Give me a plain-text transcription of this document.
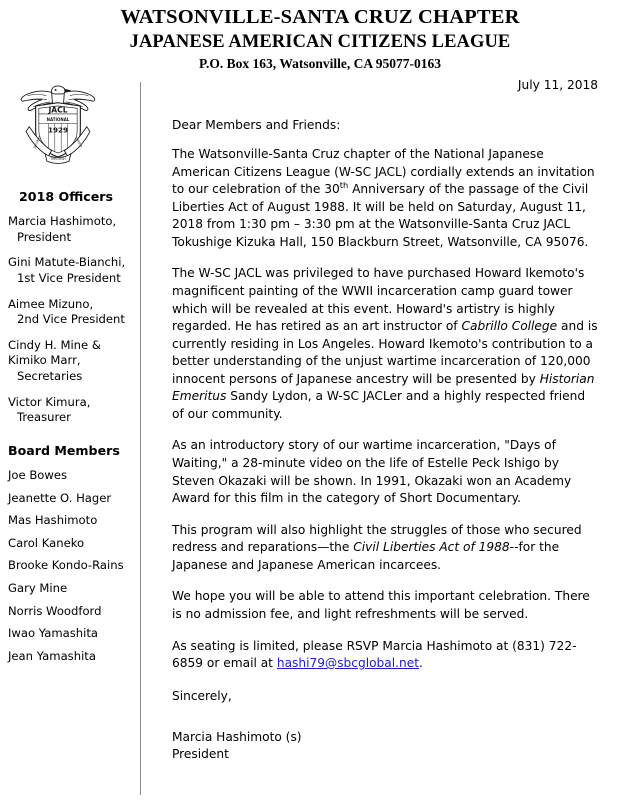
WATSONVILLE-SANTA CRUZ CHAPTER
JAPANESE AMERICAN CITIZENS LEAGUE
P.O. Box 163, Watsonville, CA 95077-0163
JACL
NATIONAL
1929
SECURITY	LIBERTY
THROUGH
2018 Officers
Marcia Hashimoto,
President
Gini Matute-Bianchi,
1st Vice President
Aimee Mizuno,
2nd Vice President
Cindy H. Mine &
Kimiko Marr,
Secretaries
Victor Kimura,
Treasurer
Board Members
Joe Bowes
Jeanette O. Hager
Mas Hashimoto
Carol Kaneko
Brooke Kondo-Rains
Gary Mine
Norris Woodford
Iwao Yamashita
Jean Yamashita
July 11, 2018
Dear Members and Friends:

The Watsonville-Santa Cruz chapter of the National Japanese American Citizens League (W-SC JACL) cordially extends an invitation to our celebration of the 30th Anniversary of the passage of the Civil Liberties Act of August 1988. It will be held on Saturday, August 11, 2018 from 1:30 pm – 3:30 pm at the Watsonville-Santa Cruz JACL Tokushige Kizuka Hall, 150 Blackburn Street, Watsonville, CA 95076.

The W-SC JACL was privileged to have purchased Howard Ikemoto's magnificent painting of the WWII incarceration camp guard tower which will be revealed at this event. Howard's artistry is highly regarded. He has retired as an art instructor of Cabrillo College and is currently residing in Los Angeles. Howard Ikemoto's contribution to a better understanding of the unjust wartime incarceration of 120,000 innocent persons of Japanese ancestry will be presented by Historian Emeritus Sandy Lydon, a W-SC JACLer and a highly respected friend of our community.

As an introductory story of our wartime incarceration, "Days of Waiting," a 28-minute video on the life of Estelle Peck Ishigo by Steven Okazaki will be shown. In 1991, Okazaki won an Academy Award for this film in the category of Short Documentary.

This program will also highlight the struggles of those who secured redress and reparations—the Civil Liberties Act of 1988--for the Japanese and Japanese American incarcees.

We hope you will be able to attend this important celebration. There is no admission fee, and light refreshments will be served.

As seating is limited, please RSVP Marcia Hashimoto at (831) 722-6859 or email at hashi79@sbcglobal.net.

Sincerely,
Marcia Hashimoto (s)
President
